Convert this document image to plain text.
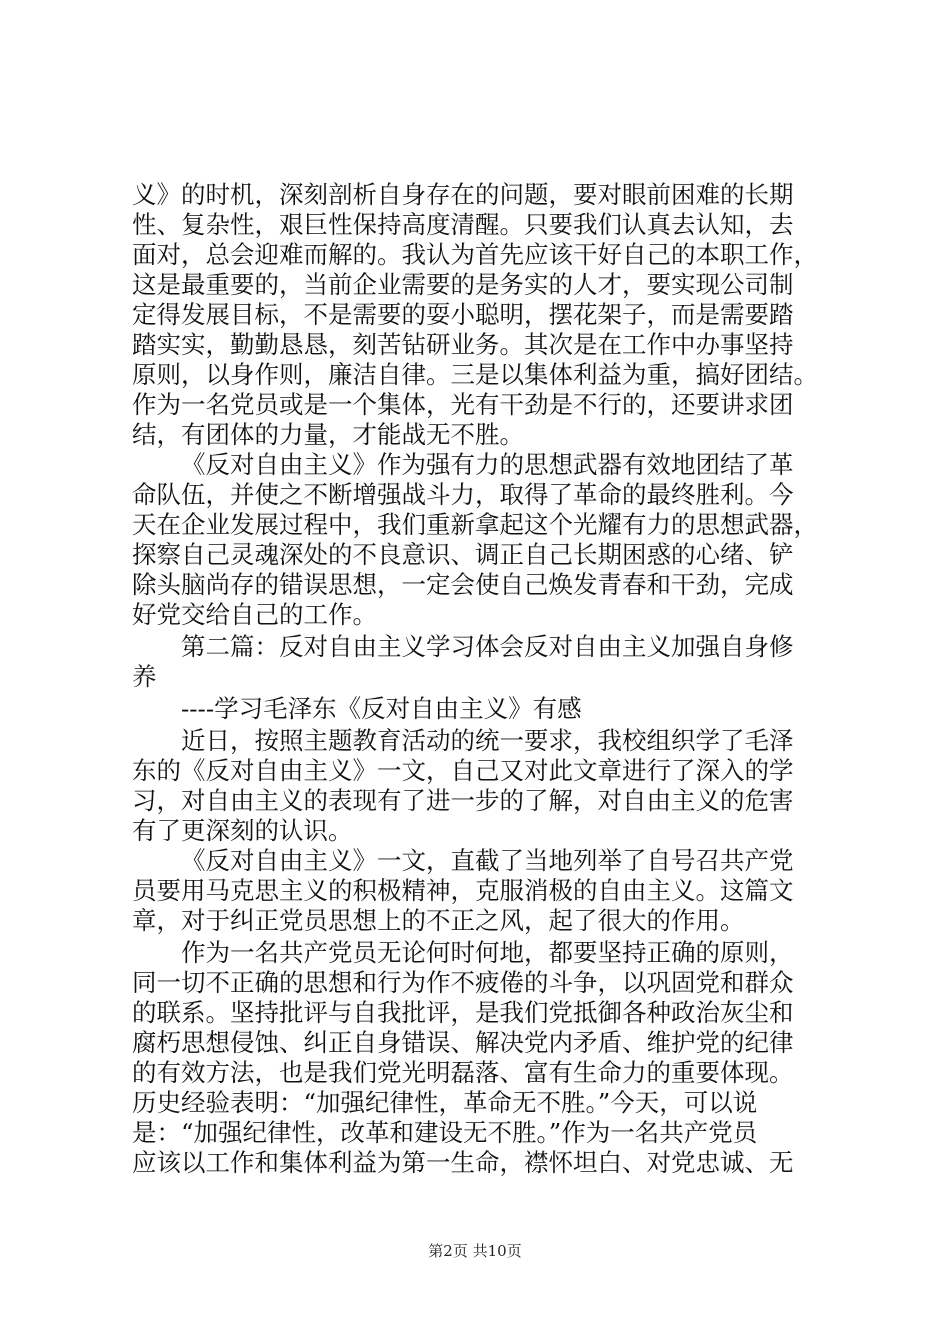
义》的时机，深刻剖析自身存在的问题，要对眼前困难的长期
性、复杂性，艰巨性保持高度清醒。只要我们认真去认知，去
面对，总会迎难而解的。我认为首先应该干好自己的本职工作，
这是最重要的，当前企业需要的是务实的人才，要实现公司制
定得发展目标，不是需要的耍小聪明，摆花架子，而是需要踏
踏实实，勤勤恳恳，刻苦钻研业务。其次是在工作中办事坚持
原则，以身作则，廉洁自律。三是以集体利益为重，搞好团结。
作为一名党员或是一个集体，光有干劲是不行的，还要讲求团
结，有团体的力量，才能战无不胜。
《反对自由主义》作为强有力的思想武器有效地团结了革
命队伍，并使之不断增强战斗力，取得了革命的最终胜利。今
天在企业发展过程中，我们重新拿起这个光耀有力的思想武器，
探察自己灵魂深处的不良意识、调正自己长期困惑的心绪、铲
除头脑尚存的错误思想，一定会使自己焕发青春和干劲，完成
好党交给自己的工作。
第二篇：反对自由主义学习体会反对自由主义加强自身修
养
----学习毛泽东《反对自由主义》有感
近日，按照主题教育活动的统一要求，我校组织学了毛泽
东的《反对自由主义》一文，自己又对此文章进行了深入的学
习，对自由主义的表现有了进一步的了解，对自由主义的危害
有了更深刻的认识。
《反对自由主义》一文，直截了当地列举了自号召共产党
员要用马克思主义的积极精神，克服消极的自由主义。这篇文
章，对于纠正党员思想上的不正之风，起了很大的作用。
作为一名共产党员无论何时何地，都要坚持正确的原则，
同一切不正确的思想和行为作不疲倦的斗争，以巩固党和群众
的联系。坚持批评与自我批评，是我们党抵御各种政治灰尘和
腐朽思想侵蚀、纠正自身错误、解决党内矛盾、维护党的纪律
的有效方法，也是我们党光明磊落、富有生命力的重要体现。
历史经验表明：“加强纪律性，革命无不胜。”今天，可以说
是：“加强纪律性，改革和建设无不胜。”作为一名共产党员
应该以工作和集体利益为第一生命，襟怀坦白、对党忠诚、无
第2页 共10页
